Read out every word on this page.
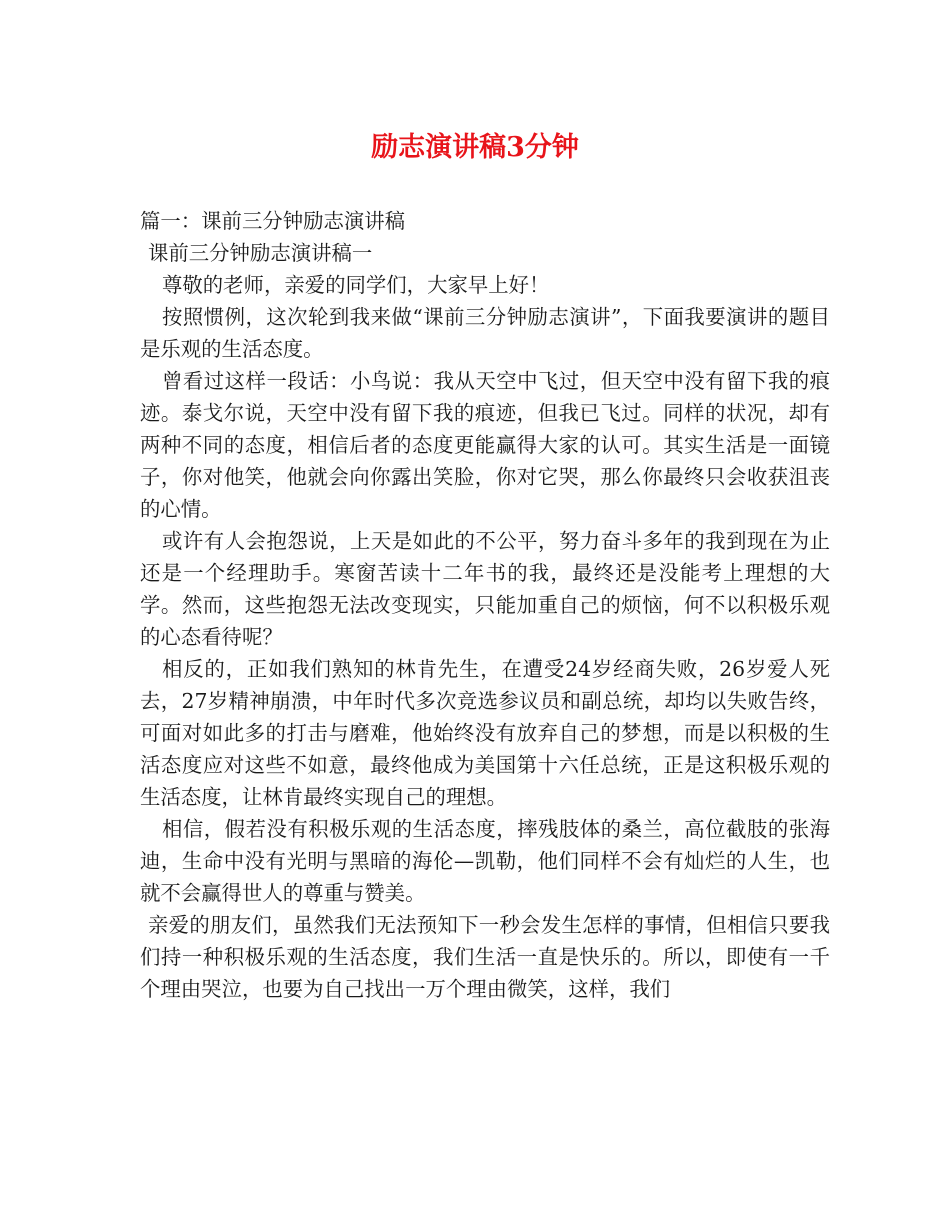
励志演讲稿3分钟

篇一：课前三分钟励志演讲稿

课前三分钟励志演讲稿一

尊敬的老师，亲爱的同学们，大家早上好！

按照惯例，这次轮到我来做“课前三分钟励志演讲”，下面我要演讲的题目是乐观的生活态度。

曾看过这样一段话：小鸟说：我从天空中飞过，但天空中没有留下我的痕迹。泰戈尔说，天空中没有留下我的痕迹，但我已飞过。同样的状况，却有两种不同的态度，相信后者的态度更能赢得大家的认可。其实生活是一面镜子，你对他笑，他就会向你露出笑脸，你对它哭，那么你最终只会收获沮丧的心情。

或许有人会抱怨说，上天是如此的不公平，努力奋斗多年的我到现在为止还是一个经理助手。寒窗苦读十二年书的我，最终还是没能考上理想的大学。然而，这些抱怨无法改变现实，只能加重自己的烦恼，何不以积极乐观的心态看待呢？

相反的，正如我们熟知的林肯先生，在遭受24岁经商失败，26岁爱人死去，27岁精神崩溃，中年时代多次竞选参议员和副总统，却均以失败告终，可面对如此多的打击与磨难，他始终没有放弃自己的梦想，而是以积极的生活态度应对这些不如意，最终他成为美国第十六任总统，正是这积极乐观的生活态度，让林肯最终实现自己的理想。

相信，假若没有积极乐观的生活态度，摔残肢体的桑兰，高位截肢的张海迪，生命中没有光明与黑暗的海伦—凯勒，他们同样不会有灿烂的人生，也就不会赢得世人的尊重与赞美。

亲爱的朋友们，虽然我们无法预知下一秒会发生怎样的事情，但相信只要我们持一种积极乐观的生活态度，我们生活一直是快乐的。所以，即使有一千个理由哭泣，也要为自己找出一万个理由微笑，这样，我们
